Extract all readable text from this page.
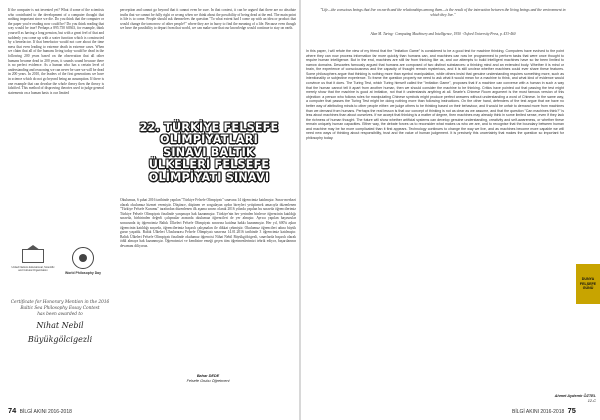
If the computer is not invented yet? What if some of the scientists who contributed to the development of a computer thought that nothing important since we die. Do you think that the computer or the paper you're reading now could be? Do you think reading that way would be true? Perhaps a 895.750 60363, for example, think yourself as having a long pension, but with a great feel of that and suddenly you come up with a water function which is constructed by a benefactor. If that benefactor would not care about the time mess that even leading to extreme death in extreme cases. When we claim that all of the humans living today would be dead in the following 200 years based on the observation that all other humans became dead in 200 years, it sounds sound because there is no perfect evidence. As a human who has a certain level of understanding and reasoning we can never be sure we will be dead in 200 years. In 2010, the leaders of the first generations we have in science which do not go beyond being an assumption. If there is one example that can devalue the whole theory then the theory is falsified. This method of disproving theories used to judge general statements on a human basis is our limited
perception and cannot go beyond that it cannot even be sure. In that context, it can be argued that there are no absolute truths that we cannot be fully right or wrong when we think about the possibility of being dead at the end. The main point is life is to come. People should ask themselves the question "To what extent had I come up with an idea or product that would change the tomorrow of other people?" where they are in hurry to find the meaning of a life. Because even though we have the possibility to depart from that world, we can make sure that our knowledge would continue to stay on earth.
22. TÜRKİYE FELSEFE OLİMPİYATLARI SINAVI BALTIK ÜLKELERİ FELSEFE OLİMPİYATI SINAVI
Okulumuz, 6 şubat 2016 tarihinde yapılan "Türkiye Felsefe Olimpiyatı" sınavına 14 öğrencimiz katılmıştır. Sınav merkezi olarak okulumuz hizmet vermiştir. Düşünce, düşünen ve sorgulayan aydın bireyleri yetiştirmek amacıyla düzenlenen "Türkiye Felsefe Kurumu" tarafından düzenlenen ilk aşama sınavı olarak 2016 yılında yapılan bu sınavda öğrencilerimiz Türkiye Felsefe Olimpiyatı finalinde yarışmaya hak kazanmıştır. Türkiye'nin her yerinden binlerce öğrencinin katıldığı sınavda, birbirinden değerli çalışmalar arasında okulumuz öğrencileri de yer almıştır. Ayrıca yapılan başvurular sonucunda üç öğrencimiz Baltık Ülkeleri Felsefe Olimpiyatı sınavına katılma hakkı kazanmıştır. Her yıl, 600'ü aşkın öğrencinin katıldığı sınavda, öğrencilerimiz başarılı çalışmaları ile dikkat çekmiştir. Okulumuz öğrencileri adına büyük gurur yaşadık. Baltık Ülkeleri Uluslararası Felsefe Olimpiyatı sınavına 14.01.2016 tarihinde 3 öğrencimiz katılmıştır. Baltık Ülkeleri Felsefe Olimpiyatı finalinde okulumuz öğrencisi Nihat Nebil Büyükgölcigezli, sınavlarda başarılı olarak ödül almaya hak kazanmıştır. Öğrencimizi ve kendisine emeği geçen tüm öğretmenlerimizi tebrik ediyor, başarılarının devamını diliyoruz.
United Nations Educational, Scientific and Cultural Organization
World Philosophy Day
Certificate for Honorary Mention in the 2016
Baltic Sea Philosophy Essay Contest
has been awarded to
Nihat Nebil Büyükgölcigezli
Bahar DEDE
Felsefe Grubu Öğretmeni
74 BİLGİ AKINI 2016-2018
"Life—the conscious beings that live on earth and the relationships among them—is the result of the interaction between the living beings and the environment in which they live."
Alan M. Turing · Computing Machinery and Intelligence, 1950 · Oxford University Press, p. 433-460
In this paper, I will refute the view of my friend that the "Imitation Game" is considered to be a good test for machine thinking. Computers have evolved to the point where they can now process information far more quickly than humans can, and machines can now be programmed to perform tasks that were once thought to require human intelligence. But in the end, machines are still far from thinking like us, and our attempts to build intelligent machines have so far been limited to narrow domains. Descartes famously argued that humans are composed of two distinct substances: a thinking mind and an extended body. Whether it is mind or brain, the experience of consciousness and the capacity of thought remain mysterious, and it is still unclear whether machines could ever share these features. Some philosophers argue that thinking is nothing more than symbol manipulation, while others insist that genuine understanding requires something more, such as intentionality or subjective experience. To frame the question properly we need to ask what it would mean for a machine to think, and what kind of evidence would convince us that it does. The Turing Test, which Turing himself called the "Imitation Game", proposes that if a machine can converse with a human in such a way that the human cannot tell it apart from another human, then we should consider the machine to be thinking. Critics have pointed out that passing the test might merely show that the machine is good at imitation, not that it understands anything at all. Searle's Chinese Room argument is the most famous version of this objection: a person who follows rules for manipulating Chinese symbols might produce perfect answers without understanding a word of Chinese. In the same way, a computer that passes the Turing Test might be doing nothing more than following instructions. On the other hand, defenders of the test argue that we have no better way of attributing minds to other people either: we judge others to be thinking based on their behaviour, and it would be unfair to demand more from machines than we demand from humans. Perhaps the real lesson is that our concept of thinking is not as clear as we assume, and that the question "Can machines think?" is less about machines than about ourselves. If we accept that thinking is a matter of degree, then machines may already think in some limited sense, even if they lack the richness of human thought. The future will show whether artificial systems can develop genuine understanding, creativity and self-awareness, or whether these remain uniquely human capacities. Either way, the debate forces us to reconsider what makes us who we are, and to recognise that the boundary between human and machine may be far more complicated than it first appears. Technology continues to change the way we live, and as machines become more capable we will need new ways of thinking about responsibility, trust and the value of human judgement. It is precisely this uncertainty that makes the question so important for philosophy today.
Ahmet Aydemir ÖZTEL
12-C
DUNYA FELSEFE GÜNÜ
BİLGİ AKINI 2016-2018 75
